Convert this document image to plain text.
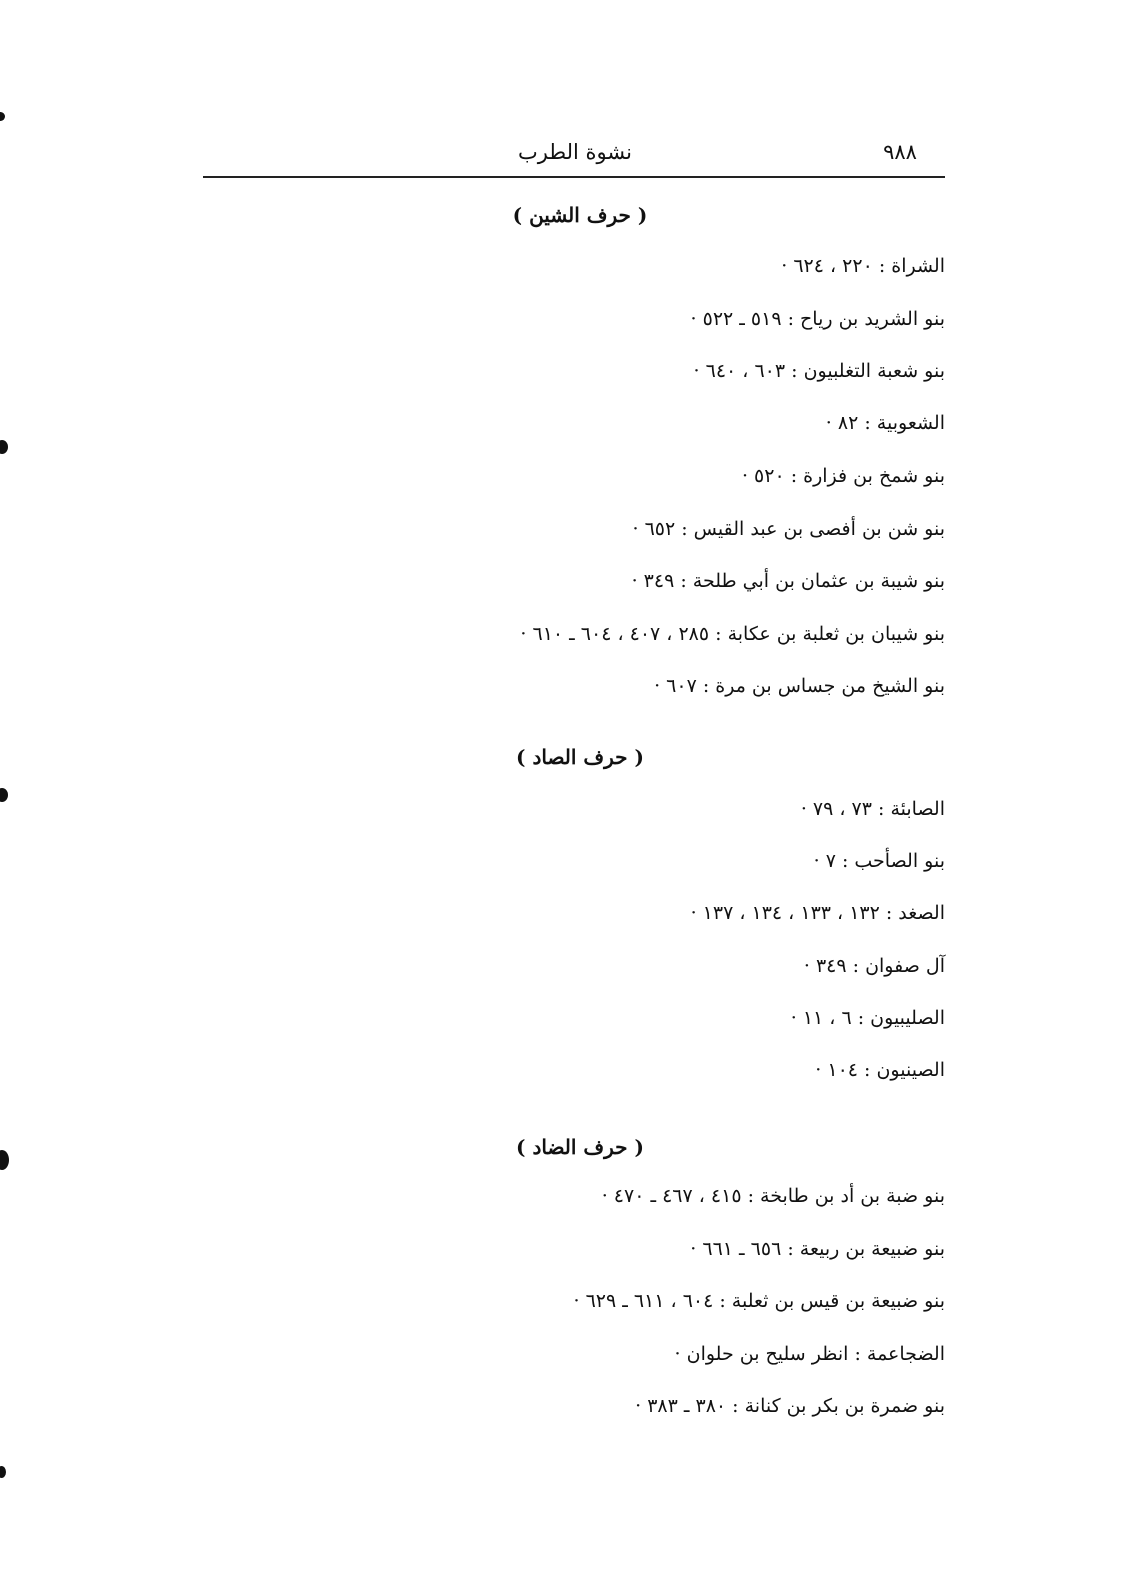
نشوة الطرب	٩٨٨
( حرف الشين )
الشراة : ٢٢٠ ، ٦٢٤ ·
بنو الشريد بن رياح : ٥١٩ ـ ٥٢٢ ·
بنو شعبة التغلبيون : ٦٠٣ ، ٦٤٠ ·
الشعوبية : ٨٢ ·
بنو شمخ بن فزارة : ٥٢٠ ·
بنو شن بن أفصى بن عبد القيس : ٦٥٢ ·
بنو شيبة بن عثمان بن أبي طلحة : ٣٤٩ ·
بنو شيبان بن ثعلبة بن عكابة : ٢٨٥ ، ٤٠٧ ، ٦٠٤ ـ ٦١٠ ·
بنو الشيخ من جساس بن مرة : ٦٠٧ ·
( حرف الصاد )
الصابئة : ٧٣ ، ٧٩ ·
بنو الصأحب : ٧ ·
الصغد : ١٣٢ ، ١٣٣ ، ١٣٤ ، ١٣٧ ·
آل صفوان : ٣٤٩ ·
الصليبيون : ٦ ، ١١ ·
الصينيون : ١٠٤ ·
( حرف الضاد )
بنو ضبة بن أد بن طابخة : ٤١٥ ، ٤٦٧ ـ ٤٧٠ ·
بنو ضبيعة بن ربيعة : ٦٥٦ ـ ٦٦١ ·
بنو ضبيعة بن قيس بن ثعلبة : ٦٠٤ ، ٦١١ ـ ٦٢٩ ·
الضجاعمة : انظر سليح بن حلوان ·
بنو ضمرة بن بكر بن كنانة : ٣٨٠ ـ ٣٨٣ ·
